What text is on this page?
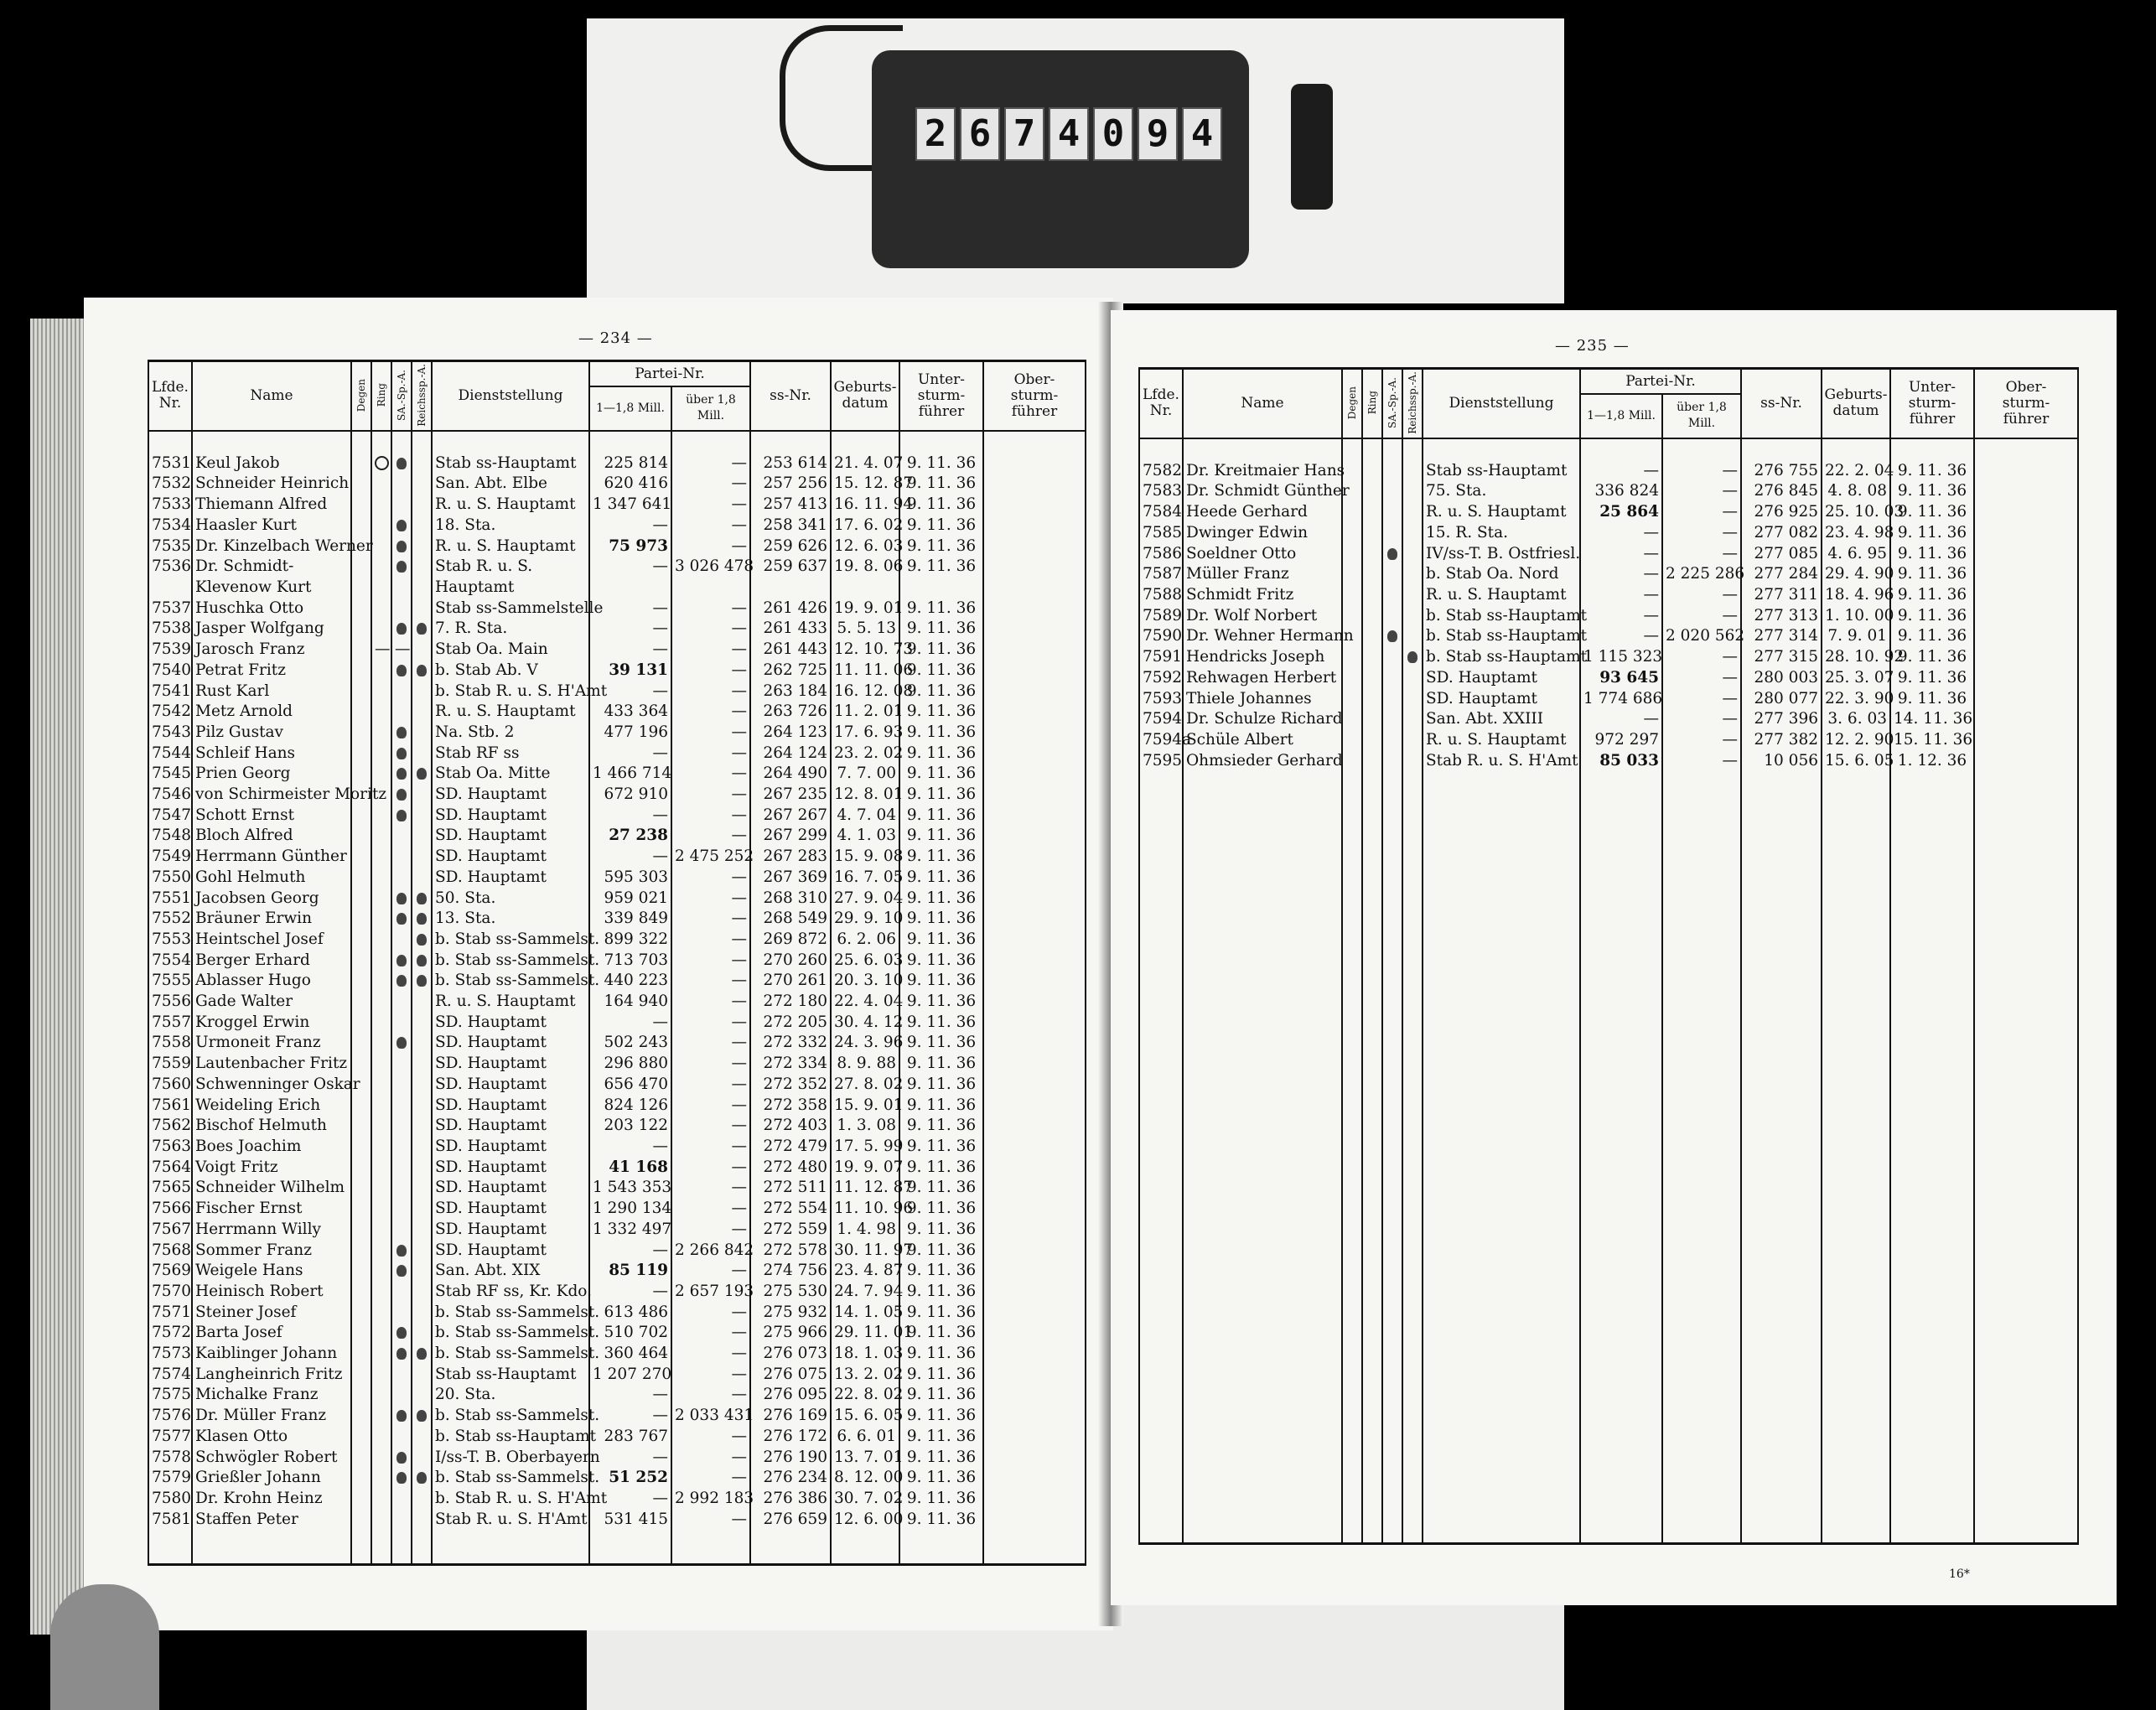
2 6 7 4 0 9 4
— 234 —
Lfde.
Nr.	Name	Degen	Ring	SA.-Sp.-A.	Reichssp.-A.	Dienststellung	Partei-Nr.		ss-Nr.	Geburts-
datum	Unter-
sturm-
führer	Ober-
sturm-
führer
							1—1,8 Mill.	über 1,8 Mill.				

7531	Keul Jakob					Stab ss-Hauptamt	225 814	—	253 614	21. 4. 07	9. 11. 36	
7532	Schneider Heinrich					San. Abt. Elbe	620 416	—	257 256	15. 12. 87	9. 11. 36	
7533	Thiemann Alfred					R. u. S. Hauptamt	1 347 641	—	257 413	16. 11. 94	9. 11. 36	
7534	Haasler Kurt					18. Sta.	—	—	258 341	17. 6. 02	9. 11. 36	
7535	Dr. Kinzelbach Werner					R. u. S. Hauptamt	75 973	—	259 626	12. 6. 03	9. 11. 36	
7536	Dr. Schmidt-					Stab R. u. S.	—	3 026 478	259 637	19. 8. 06	9. 11. 36	
	Klevenow Kurt					Hauptamt						
7537	Huschka Otto					Stab ss-Sammelstelle	—	—	261 426	19. 9. 01	9. 11. 36	
7538	Jasper Wolfgang					7. R. Sta.	—	—	261 433	5. 5. 13	9. 11. 36	
7539	Jarosch Franz		—	—		Stab Oa. Main	—	—	261 443	12. 10. 73	9. 11. 36	
7540	Petrat Fritz					b. Stab Ab. V	39 131	—	262 725	11. 11. 06	9. 11. 36	
7541	Rust Karl					b. Stab R. u. S. H'Amt	—	—	263 184	16. 12. 08	9. 11. 36	
7542	Metz Arnold					R. u. S. Hauptamt	433 364	—	263 726	11. 2. 01	9. 11. 36	
7543	Pilz Gustav					Na. Stb. 2	477 196	—	264 123	17. 6. 93	9. 11. 36	
7544	Schleif Hans					Stab RF ss	—	—	264 124	23. 2. 02	9. 11. 36	
7545	Prien Georg					Stab Oa. Mitte	1 466 714	—	264 490	7. 7. 00	9. 11. 36	
7546	von Schirmeister Moritz					SD. Hauptamt	672 910	—	267 235	12. 8. 01	9. 11. 36	
7547	Schott Ernst					SD. Hauptamt	—	—	267 267	4. 7. 04	9. 11. 36	
7548	Bloch Alfred					SD. Hauptamt	27 238	—	267 299	4. 1. 03	9. 11. 36	
7549	Herrmann Günther					SD. Hauptamt	—	2 475 252	267 283	15. 9. 08	9. 11. 36	
7550	Gohl Helmuth					SD. Hauptamt	595 303	—	267 369	16. 7. 05	9. 11. 36	
7551	Jacobsen Georg					50. Sta.	959 021	—	268 310	27. 9. 04	9. 11. 36	
7552	Bräuner Erwin					13. Sta.	339 849	—	268 549	29. 9. 10	9. 11. 36	
7553	Heintschel Josef					b. Stab ss-Sammelst.	899 322	—	269 872	6. 2. 06	9. 11. 36	
7554	Berger Erhard					b. Stab ss-Sammelst.	713 703	—	270 260	25. 6. 03	9. 11. 36	
7555	Ablasser Hugo					b. Stab ss-Sammelst.	440 223	—	270 261	20. 3. 10	9. 11. 36	
7556	Gade Walter					R. u. S. Hauptamt	164 940	—	272 180	22. 4. 04	9. 11. 36	
7557	Kroggel Erwin					SD. Hauptamt	—	—	272 205	30. 4. 12	9. 11. 36	
7558	Urmoneit Franz					SD. Hauptamt	502 243	—	272 332	24. 3. 96	9. 11. 36	
7559	Lautenbacher Fritz					SD. Hauptamt	296 880	—	272 334	8. 9. 88	9. 11. 36	
7560	Schwenninger Oskar					SD. Hauptamt	656 470	—	272 352	27. 8. 02	9. 11. 36	
7561	Weideling Erich					SD. Hauptamt	824 126	—	272 358	15. 9. 01	9. 11. 36	
7562	Bischof Helmuth					SD. Hauptamt	203 122	—	272 403	1. 3. 08	9. 11. 36	
7563	Boes Joachim					SD. Hauptamt	—	—	272 479	17. 5. 99	9. 11. 36	
7564	Voigt Fritz					SD. Hauptamt	41 168	—	272 480	19. 9. 07	9. 11. 36	
7565	Schneider Wilhelm					SD. Hauptamt	1 543 353	—	272 511	11. 12. 87	9. 11. 36	
7566	Fischer Ernst					SD. Hauptamt	1 290 134	—	272 554	11. 10. 96	9. 11. 36	
7567	Herrmann Willy					SD. Hauptamt	1 332 497	—	272 559	1. 4. 98	9. 11. 36	
7568	Sommer Franz					SD. Hauptamt	—	2 266 842	272 578	30. 11. 97	9. 11. 36	
7569	Weigele Hans					San. Abt. XIX	85 119	—	274 756	23. 4. 87	9. 11. 36	
7570	Heinisch Robert					Stab RF ss, Kr. Kdo.	—	2 657 193	275 530	24. 7. 94	9. 11. 36	
7571	Steiner Josef					b. Stab ss-Sammelst.	613 486	—	275 932	14. 1. 05	9. 11. 36	
7572	Barta Josef					b. Stab ss-Sammelst.	510 702	—	275 966	29. 11. 01	9. 11. 36	
7573	Kaiblinger Johann					b. Stab ss-Sammelst.	360 464	—	276 073	18. 1. 03	9. 11. 36	
7574	Langheinrich Fritz					Stab ss-Hauptamt	1 207 270	—	276 075	13. 2. 02	9. 11. 36	
7575	Michalke Franz					20. Sta.	—	—	276 095	22. 8. 02	9. 11. 36	
7576	Dr. Müller Franz					b. Stab ss-Sammelst.	—	2 033 431	276 169	15. 6. 05	9. 11. 36	
7577	Klasen Otto					b. Stab ss-Hauptamt	283 767	—	276 172	6. 6. 01	9. 11. 36	
7578	Schwögler Robert					I/ss-T. B. Oberbayern	—	—	276 190	13. 7. 01	9. 11. 36	
7579	Grießler Johann					b. Stab ss-Sammelst.	51 252	—	276 234	8. 12. 00	9. 11. 36	
7580	Dr. Krohn Heinz					b. Stab R. u. S. H'Amt	—	2 992 183	276 386	30. 7. 02	9. 11. 36	
7581	Staffen Peter					Stab R. u. S. H'Amt	531 415	—	276 659	12. 6. 00	9. 11. 36	

— 235 —
Lfde.
Nr.	Name	Degen	Ring	SA.-Sp.-A.	Reichssp.-A.	Dienststellung	Partei-Nr.		ss-Nr.	Geburts-
datum	Unter-
sturm-
führer	Ober-
sturm-
führer
							1—1,8 Mill.	über 1,8 Mill.				

7582	Dr. Kreitmaier Hans					Stab ss-Hauptamt	—	—	276 755	22. 2. 04	9. 11. 36	
7583	Dr. Schmidt Günther					75. Sta.	336 824	—	276 845	4. 8. 08	9. 11. 36	
7584	Heede Gerhard					R. u. S. Hauptamt	25 864	—	276 925	25. 10. 03	9. 11. 36	
7585	Dwinger Edwin					15. R. Sta.	—	—	277 082	23. 4. 98	9. 11. 36	
7586	Soeldner Otto					IV/ss-T. B. Ostfriesl.	—	—	277 085	4. 6. 95	9. 11. 36	
7587	Müller Franz					b. Stab Oa. Nord	—	2 225 286	277 284	29. 4. 90	9. 11. 36	
7588	Schmidt Fritz					R. u. S. Hauptamt	—	—	277 311	18. 4. 96	9. 11. 36	
7589	Dr. Wolf Norbert					b. Stab ss-Hauptamt	—	—	277 313	1. 10. 00	9. 11. 36	
7590	Dr. Wehner Hermann					b. Stab ss-Hauptamt	—	2 020 562	277 314	7. 9. 01	9. 11. 36	
7591	Hendricks Joseph					b. Stab ss-Hauptamt	1 115 323	—	277 315	28. 10. 92	9. 11. 36	
7592	Rehwagen Herbert					SD. Hauptamt	93 645	—	280 003	25. 3. 07	9. 11. 36	
7593	Thiele Johannes					SD. Hauptamt	1 774 686	—	280 077	22. 3. 90	9. 11. 36	
7594	Dr. Schulze Richard					San. Abt. XXIII	—	—	277 396	3. 6. 03	14. 11. 36	
7594a	Schüle Albert					R. u. S. Hauptamt	972 297	—	277 382	12. 2. 90	15. 11. 36	
7595	Ohmsieder Gerhard					Stab R. u. S. H'Amt	85 033	—	10 056	15. 6. 05	1. 12. 36	

16*
